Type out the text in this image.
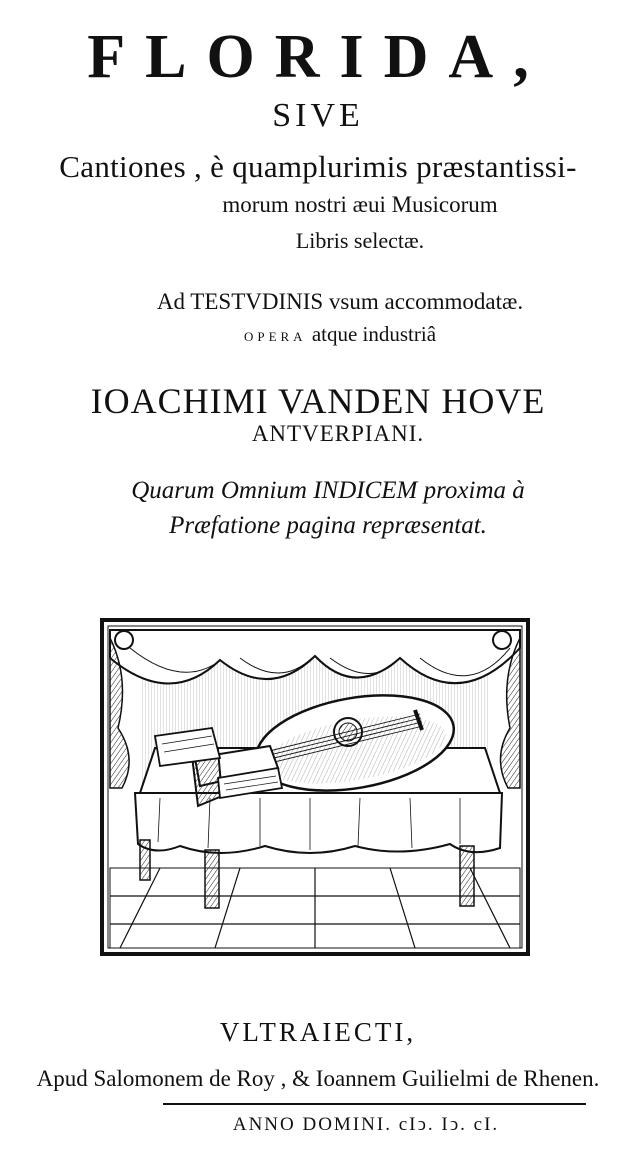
FLORIDA,
SIVE
Cantiones , è quamplurimis præstantissi-
morum nostri æui Musicorum
Libris selectæ.
Ad TESTVDINIS vsum accommodatæ.
OPERA atque industriâ
IOACHIMI VANDEN HOVE
ANTVERPIANI.
Quarum Omnium INDICEM proxima à
Præfatione pagina repræsentat.
VLTRAIECTI,
Apud Salomonem de Roy , & Ioannem Guilielmi de Rhenen.
ANNO DOMINI. cIↄ. Iↄ. cI.
